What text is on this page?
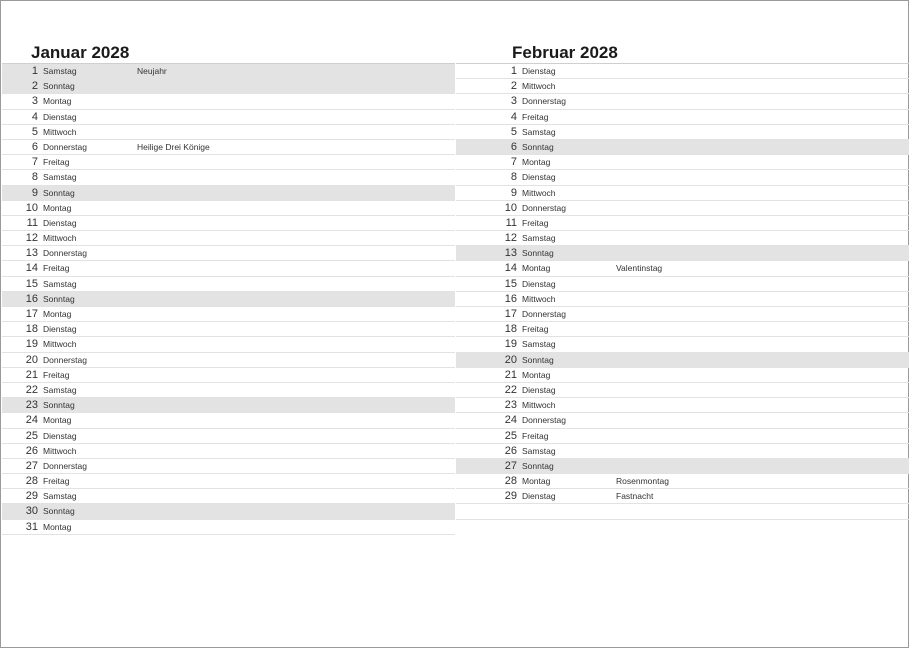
Januar 2028
1 Samstag	Neujahr
2 Sonntag
3 Montag
4 Dienstag
5 Mittwoch
6 Donnerstag	Heilige Drei Könige
7 Freitag
8 Samstag
9 Sonntag
10 Montag
11 Dienstag
12 Mittwoch
13 Donnerstag
14 Freitag
15 Samstag
16 Sonntag
17 Montag
18 Dienstag
19 Mittwoch
20 Donnerstag
21 Freitag
22 Samstag
23 Sonntag
24 Montag
25 Dienstag
26 Mittwoch
27 Donnerstag
28 Freitag
29 Samstag
30 Sonntag
31 Montag
Februar 2028
1 Dienstag
2 Mittwoch
3 Donnerstag
4 Freitag
5 Samstag
6 Sonntag
7 Montag
8 Dienstag
9 Mittwoch
10 Donnerstag
11 Freitag
12 Samstag
13 Sonntag
14 Montag	Valentinstag
15 Dienstag
16 Mittwoch
17 Donnerstag
18 Freitag
19 Samstag
20 Sonntag
21 Montag
22 Dienstag
23 Mittwoch
24 Donnerstag
25 Freitag
26 Samstag
27 Sonntag
28 Montag	Rosenmontag
29 Dienstag	Fastnacht
